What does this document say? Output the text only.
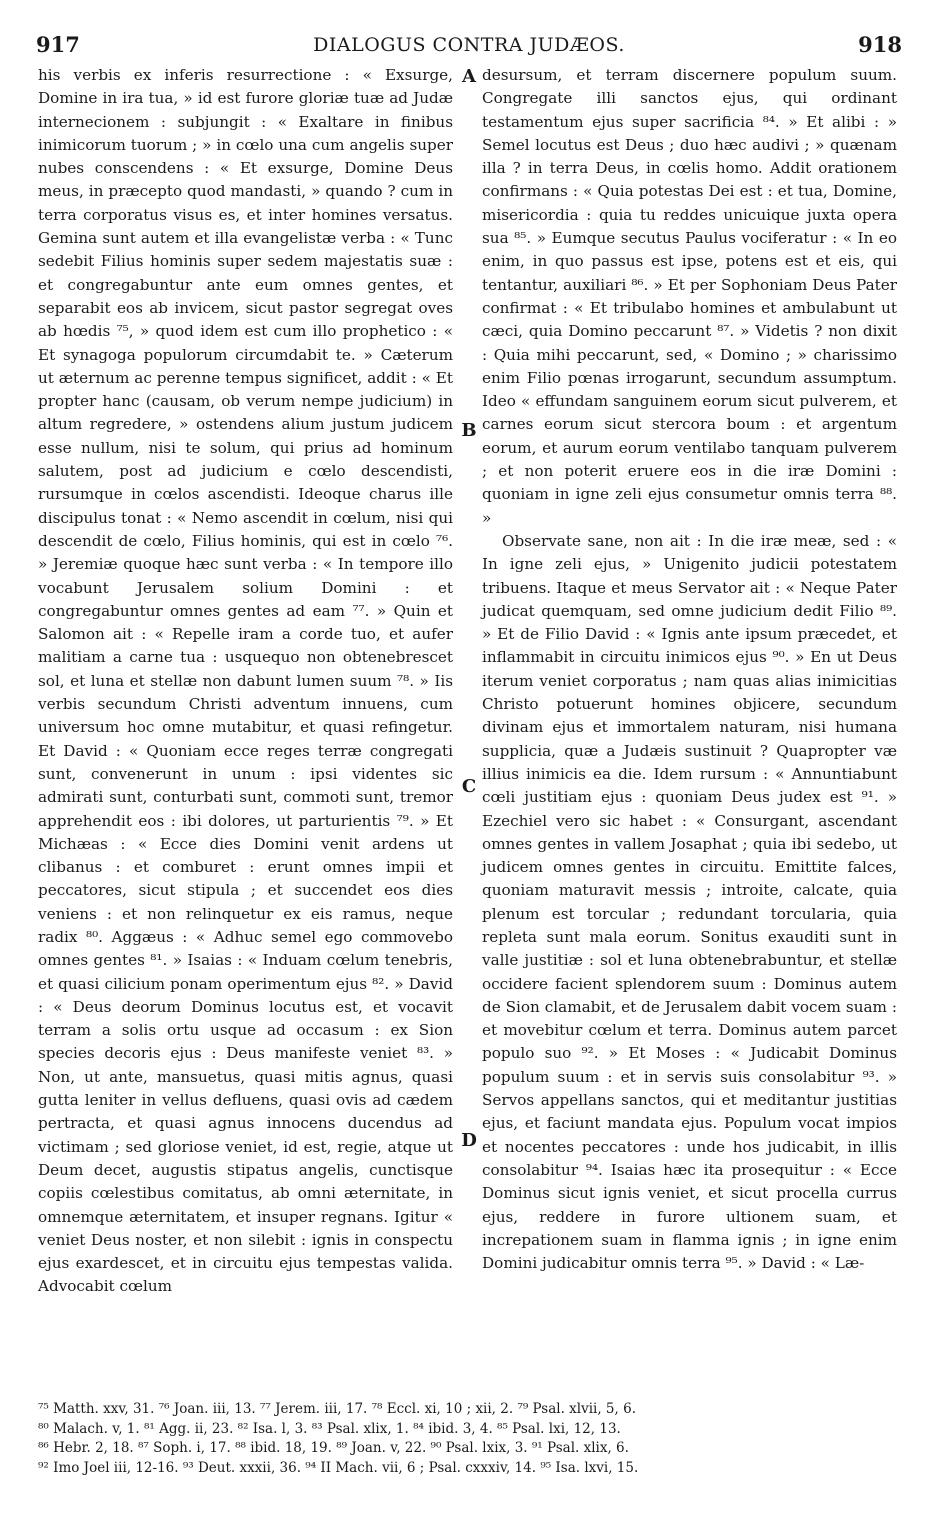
917	DIALOGUS CONTRA JUDÆOS.	918

his verbis ex inferis resurrectione : « Exsurge, Domine in ira tua, » id est furore gloriæ tuæ ad Judæ internecionem : subjungit : « Exaltare in finibus inimicorum tuorum ; » in cœlo una cum angelis super nubes conscendens : « Et exsurge, Domine Deus meus, in præcepto quod mandasti, » quando ? cum in terra corporatus visus es, et inter homines versatus. Gemina sunt autem et illa evangelistæ verba : « Tunc sedebit Filius hominis super sedem majestatis suæ : et congregabuntur ante eum omnes gentes, et separabit eos ab invicem, sicut pastor segregat oves ab hœdis ⁷⁵, » quod idem est cum illo prophetico : « Et synagoga populorum circumdabit te. » Cæterum ut æternum ac perenne tempus significet, addit : « Et propter hanc (causam, ob verum nempe judicium) in altum regredere, » ostendens alium justum judicem esse nullum, nisi te solum, qui prius ad hominum salutem, post ad judicium e cœlo descendisti, rursumque in cœlos ascendisti. Ideoque charus ille discipulus tonat : « Nemo ascendit in cœlum, nisi qui descendit de cœlo, Filius hominis, qui est in cœlo ⁷⁶. » Jeremiæ quoque hæc sunt verba : « In tempore illo vocabunt Jerusalem solium Domini : et congregabuntur omnes gentes ad eam ⁷⁷. » Quin et Salomon ait : « Repelle iram a corde tuo, et aufer malitiam a carne tua : usquequo non obtenebrescet sol, et luna et stellæ non dabunt lumen suum ⁷⁸. » Iis verbis secundum Christi adventum innuens, cum universum hoc omne mutabitur, et quasi refingetur. Et David : « Quoniam ecce reges terræ congregati sunt, convenerunt in unum : ipsi videntes sic admirati sunt, conturbati sunt, commoti sunt, tremor apprehendit eos : ibi dolores, ut parturientis ⁷⁹. » Et Michæas : « Ecce dies Domini venit ardens ut clibanus : et comburet : erunt omnes impii et peccatores, sicut stipula ; et succendet eos dies veniens : et non relinquetur ex eis ramus, neque radix ⁸⁰. Aggæus : « Adhuc semel ego commovebo omnes gentes ⁸¹. » Isaias : « Induam cœlum tenebris, et quasi cilicium ponam operimentum ejus ⁸². » David : « Deus deorum Dominus locutus est, et vocavit terram a solis ortu usque ad occasum : ex Sion species decoris ejus : Deus manifeste veniet ⁸³. » Non, ut ante, mansuetus, quasi mitis agnus, quasi gutta leniter in vellus defluens, quasi ovis ad cædem pertracta, et quasi agnus innocens ducendus ad victimam ; sed gloriose veniet, id est, regie, atque ut Deum decet, augustis stipatus angelis, cunctisque copiis cœlestibus comitatus, ab omni æternitate, in omnemque æternitatem, et insuper regnans. Igitur « veniet Deus noster, et non silebit : ignis in conspectu ejus exardescet, et in circuitu ejus tempestas valida. Advocabit cœlum

A
B
C
D

desursum, et terram discernere populum suum. Congregate illi sanctos ejus, qui ordinant testamentum ejus super sacrificia ⁸⁴. » Et alibi : » Semel locutus est Deus ; duo hæc audivi ; » quænam illa ? in terra Deus, in cœlis homo. Addit orationem confirmans : « Quia potestas Dei est : et tua, Domine, misericordia : quia tu reddes unicuique juxta opera sua ⁸⁵. » Eumque secutus Paulus vociferatur : « In eo enim, in quo passus est ipse, potens est et eis, qui tentantur, auxiliari ⁸⁶. » Et per Sophoniam Deus Pater confirmat : « Et tribulabo homines et ambulabunt ut cæci, quia Domino peccarunt ⁸⁷. » Videtis ? non dixit : Quia mihi peccarunt, sed, « Domino ; » charissimo enim Filio pœnas irrogarunt, secundum assumptum. Ideo « effundam sanguinem eorum sicut pulverem, et carnes eorum sicut stercora boum : et argentum eorum, et aurum eorum ventilabo tanquam pulverem ; et non poterit eruere eos in die iræ Domini : quoniam in igne zeli ejus consumetur omnis terra ⁸⁸. »

Observate sane, non ait : In die iræ meæ, sed : « In igne zeli ejus, » Unigenito judicii potestatem tribuens. Itaque et meus Servator ait : « Neque Pater judicat quemquam, sed omne judicium dedit Filio ⁸⁹. » Et de Filio David : « Ignis ante ipsum præcedet, et inflammabit in circuitu inimicos ejus ⁹⁰. » En ut Deus iterum veniet corporatus ; nam quas alias inimicitias Christo potuerunt homines objicere, secundum divinam ejus et immortalem naturam, nisi humana supplicia, quæ a Judæis sustinuit ? Quapropter væ illius inimicis ea die. Idem rursum : « Annuntiabunt cœli justitiam ejus : quoniam Deus judex est ⁹¹. » Ezechiel vero sic habet : « Consurgant, ascendant omnes gentes in vallem Josaphat ; quia ibi sedebo, ut judicem omnes gentes in circuitu. Emittite falces, quoniam maturavit messis ; introite, calcate, quia plenum est torcular ; redundant torcularia, quia repleta sunt mala eorum. Sonitus exauditi sunt in valle justitiæ : sol et luna obtenebrabuntur, et stellæ occidere facient splendorem suum : Dominus autem de Sion clamabit, et de Jerusalem dabit vocem suam : et movebitur cœlum et terra. Dominus autem parcet populo suo ⁹². » Et Moses : « Judicabit Dominus populum suum : et in servis suis consolabitur ⁹³. » Servos appellans sanctos, qui et meditantur justitias ejus, et faciunt mandata ejus. Populum vocat impios et nocentes peccatores : unde hos judicabit, in illis consolabitur ⁹⁴. Isaias hæc ita prosequitur : « Ecce Dominus sicut ignis veniet, et sicut procella currus ejus, reddere in furore ultionem suam, et increpationem suam in flamma ignis ; in igne enim Domini judicabitur omnis terra ⁹⁵. » David : « Læ-

⁷⁵ Matth. xxv, 31. ⁷⁶ Joan. iii, 13. ⁷⁷ Jerem. iii, 17. ⁷⁸ Eccl. xi, 10 ; xii, 2. ⁷⁹ Psal. xlvii, 5, 6.
⁸⁰ Malach. v, 1. ⁸¹ Agg. ii, 23. ⁸² Isa. l, 3. ⁸³ Psal. xlix, 1. ⁸⁴ ibid. 3, 4. ⁸⁵ Psal. lxi, 12, 13.
⁸⁶ Hebr. 2, 18. ⁸⁷ Soph. i, 17. ⁸⁸ ibid. 18, 19. ⁸⁹ Joan. v, 22. ⁹⁰ Psal. lxix, 3. ⁹¹ Psal. xlix, 6.
⁹² Imo Joel iii, 12-16. ⁹³ Deut. xxxii, 36. ⁹⁴ II Mach. vii, 6 ; Psal. cxxxiv, 14. ⁹⁵ Isa. lxvi, 15.
